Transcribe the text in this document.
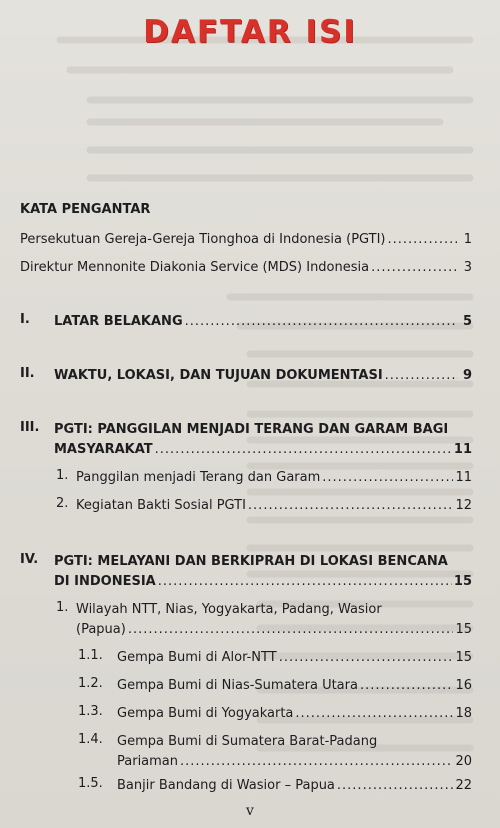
DAFTAR ISI
KATA PENGANTAR
Persekutuan Gereja-Gereja Tionghoa di Indonesia (PGTI) .....	1
Direktur Mennonite Diakonia Service (MDS) Indonesia .....	3
I. LATAR BELAKANG .....	5
II. WAKTU, LOKASI, DAN TUJUAN DOKUMENTASI .....	9
III. PGTI: PANGGILAN MENJADI TERANG DAN GARAM BAGI
MASYARAKAT .....	11
1. Panggilan menjadi Terang dan Garam .....	11
2. Kegiatan Bakti Sosial PGTI .....	12
IV. PGTI: MELAYANI DAN BERKIPRAH DI LOKASI BENCANA
DI INDONESIA .....	15
1. Wilayah NTT, Nias, Yogyakarta, Padang, Wasior
(Papua) .....	15
1.1. Gempa Bumi di Alor-NTT .....	15
1.2. Gempa Bumi di Nias-Sumatera Utara .....	16
1.3. Gempa Bumi di Yogyakarta .....	18
1.4. Gempa Bumi di Sumatera Barat-Padang
Pariaman .....	20
1.5. Banjir Bandang di Wasior – Papua .....	22
v
